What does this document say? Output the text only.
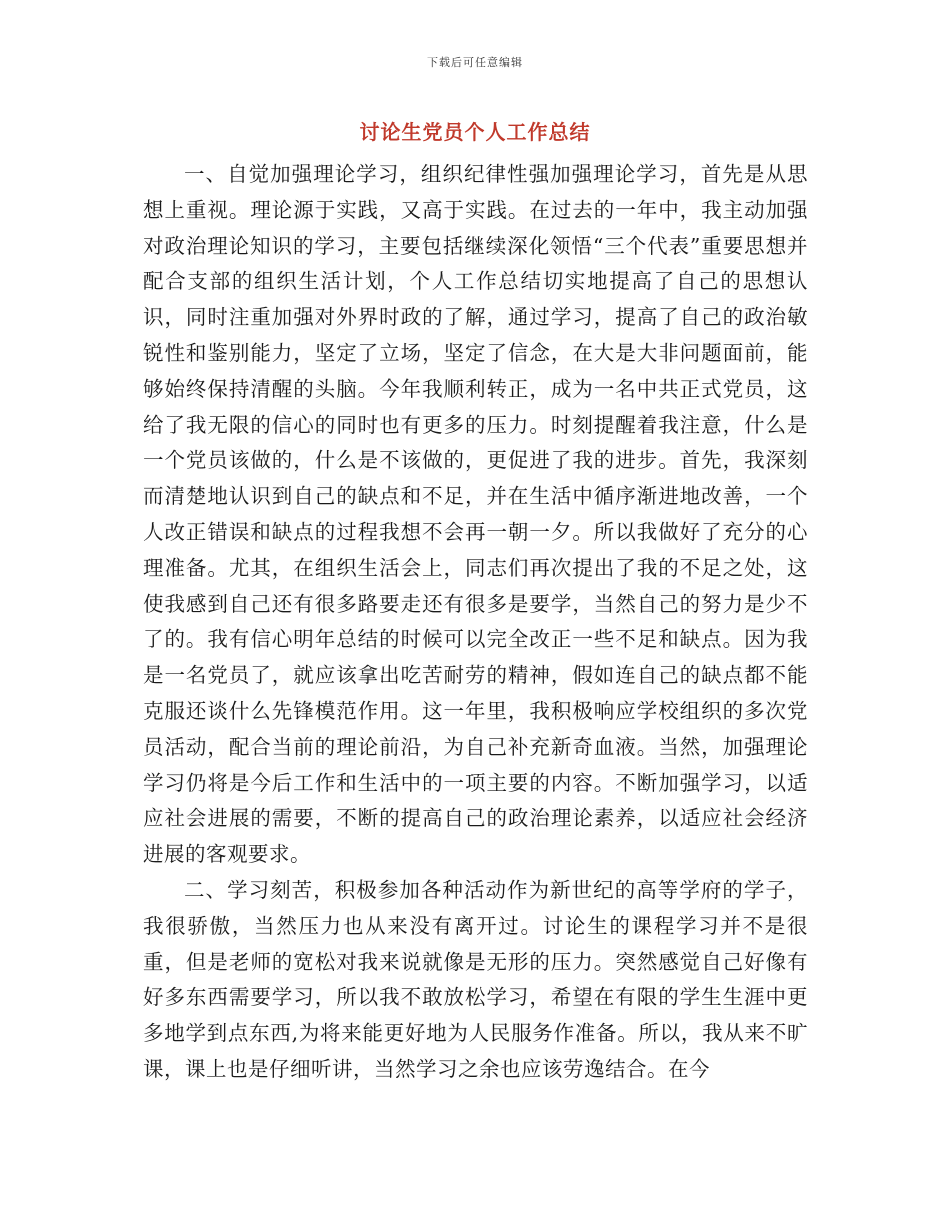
下载后可任意编辑
讨论生党员个人工作总结

一、自觉加强理论学习，组织纪律性强加强理论学习，首先是从思想上重视。理论源于实践，又高于实践。在过去的一年中，我主动加强对政治理论知识的学习，主要包括继续深化领悟“三个代表”重要思想并配合支部的组织生活计划，个人工作总结切实地提高了自己的思想认识，同时注重加强对外界时政的了解，通过学习，提高了自己的政治敏锐性和鉴别能力，坚定了立场，坚定了信念，在大是大非问题面前，能够始终保持清醒的头脑。今年我顺利转正，成为一名中共正式党员，这给了我无限的信心的同时也有更多的压力。时刻提醒着我注意，什么是一个党员该做的，什么是不该做的，更促进了我的进步。首先，我深刻而清楚地认识到自己的缺点和不足，并在生活中循序渐进地改善，一个人改正错误和缺点的过程我想不会再一朝一夕。所以我做好了充分的心理准备。尤其，在组织生活会上，同志们再次提出了我的不足之处，这使我感到自己还有很多路要走还有很多是要学，当然自己的努力是少不了的。我有信心明年总结的时候可以完全改正一些不足和缺点。因为我是一名党员了，就应该拿出吃苦耐劳的精神，假如连自己的缺点都不能克服还谈什么先锋模范作用。这一年里，我积极响应学校组织的多次党员活动，配合当前的理论前沿，为自己补充新奇血液。当然，加强理论学习仍将是今后工作和生活中的一项主要的内容。不断加强学习，以适应社会进展的需要，不断的提高自己的政治理论素养，以适应社会经济进展的客观要求。

二、学习刻苦，积极参加各种活动作为新世纪的高等学府的学子，我很骄傲，当然压力也从来没有离开过。讨论生的课程学习并不是很重，但是老师的宽松对我来说就像是无形的压力。突然感觉自己好像有好多东西需要学习，所以我不敢放松学习，希望在有限的学生生涯中更多地学到点东西,为将来能更好地为人民服务作准备。所以，我从来不旷课，课上也是仔细听讲，当然学习之余也应该劳逸结合。在今
